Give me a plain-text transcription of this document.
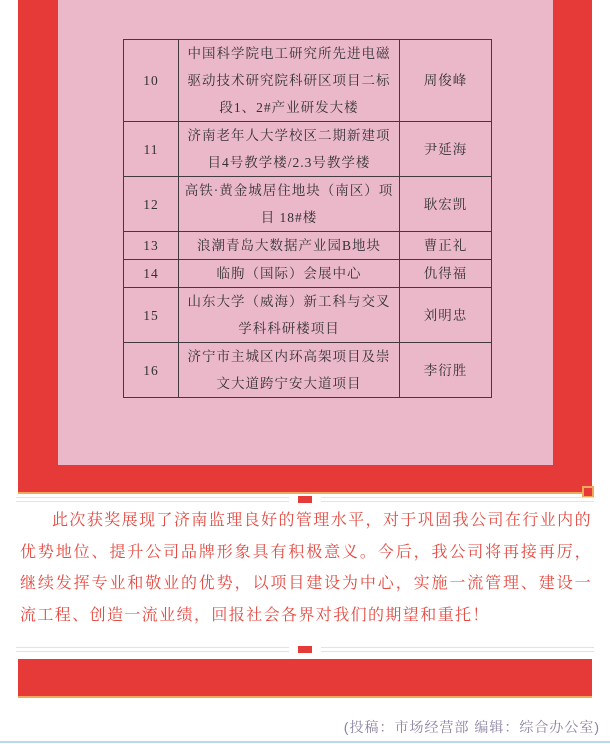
10	中国科学院电工研究所先进电磁驱动技术研究院科研区项目二标段1、2#产业研发大楼	周俊峰
11	济南老年人大学校区二期新建项目4号教学楼/2.3号教学楼	尹延海
12	高铁·黄金城居住地块（南区）项目 18#楼	耿宏凯
13	浪潮青岛大数据产业园B地块	曹正礼
14	临朐（国际）会展中心	仇得福
15	山东大学（威海）新工科与交叉学科科研楼项目	刘明忠
16	济宁市主城区内环高架项目及崇文大道跨宁安大道项目	李衍胜

此次获奖展现了济南监理良好的管理水平，对于巩固我公司在行业内的优势地位、提升公司品牌形象具有积极意义。今后，我公司将再接再厉，继续发挥专业和敬业的优势，以项目建设为中心，实施一流管理、建设一流工程、创造一流业绩，回报社会各界对我们的期望和重托！

(投稿：市场经营部 编辑：综合办公室)
